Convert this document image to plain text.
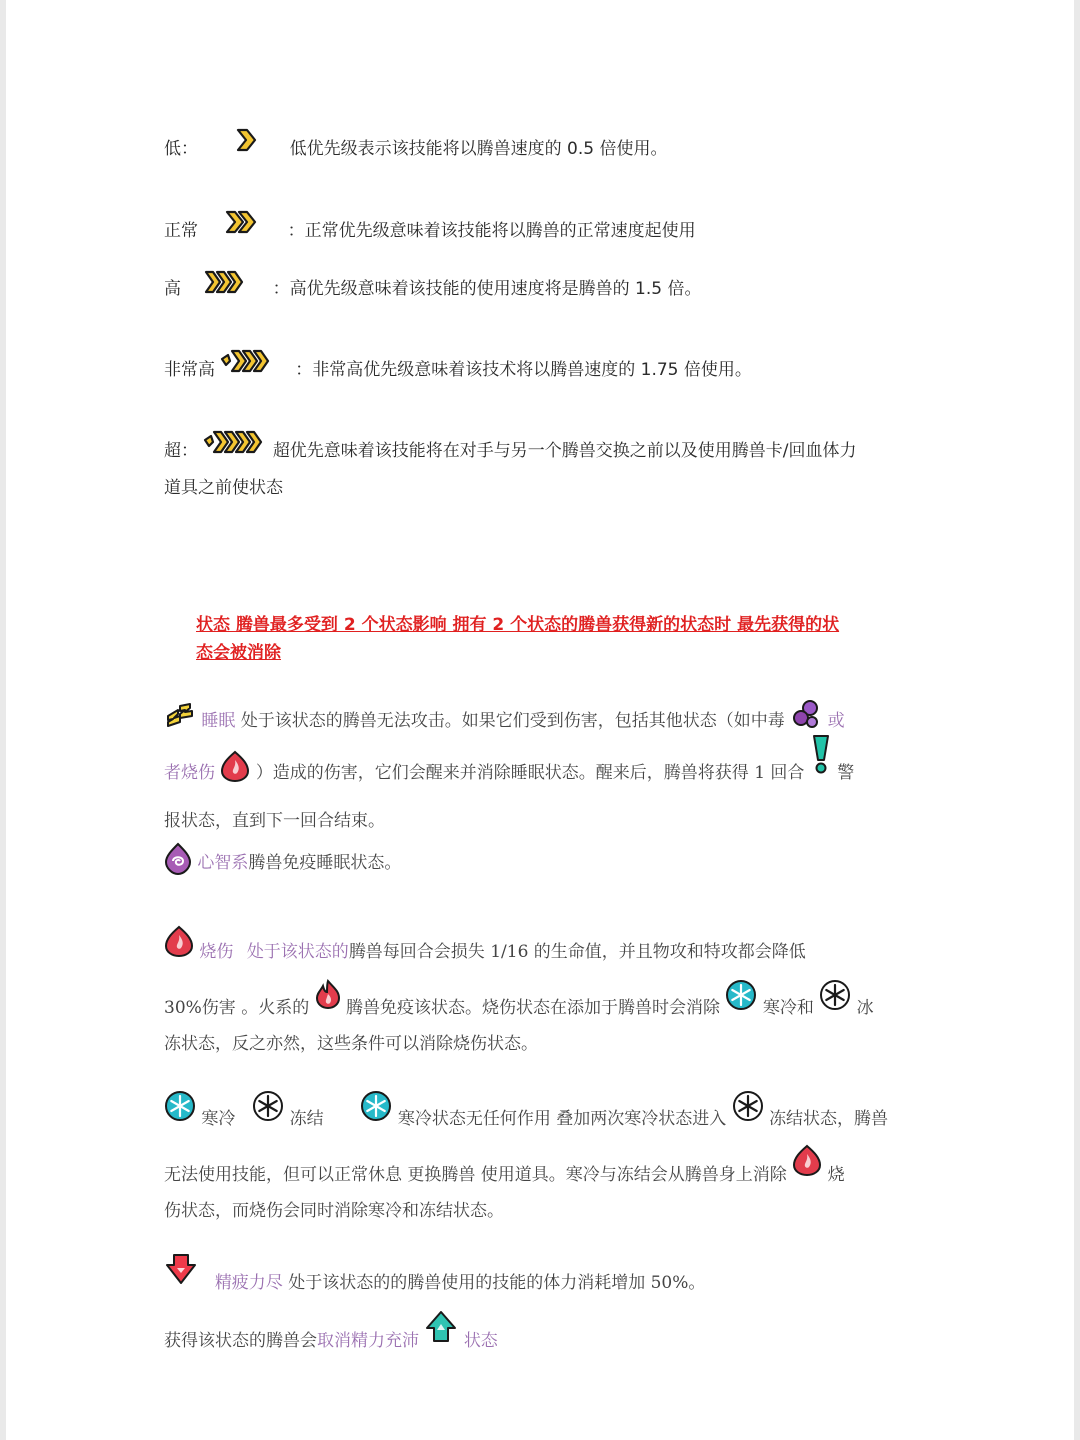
低：	低优先级表示该技能将以腾兽速度的 0.5 倍使用。
正常	：正常优先级意味着该技能将以腾兽的正常速度起使用
高	：高优先级意味着该技能的使用速度将是腾兽的 1.5 倍。
非常高	：非常高优先级意味着该技术将以腾兽速度的 1.75 倍使用。
超：	超优先意味着该技能将在对手与另一个腾兽交换之前以及使用腾兽卡/回血体力
道具之前使状态
状态 腾兽最多受到 2 个状态影响 拥有 2 个状态的腾兽获得新的状态时 最先获得的状
态会被消除
睡眠 处于该状态的腾兽无法攻击。如果它们受到伤害，包括其他状态（如中毒	或
者烧伤 ）造成的伤害，它们会醒来并消除睡眠状态。醒来后，腾兽将获得 1 回合 警
报状态，直到下一回合结束。
心智系腾兽免疫睡眠状态。
烧伤 处于该状态的腾兽每回合会损失 1/16 的生命值，并且物攻和特攻都会降低
30%伤害 。火系的 腾兽免疫该状态。烧伤状态在添加于腾兽时会消除	寒冷和	冰
冻状态，反之亦然，这些条件可以消除烧伤状态。
寒冷	冻结	寒冷状态无任何作用 叠加两次寒冷状态进入	冻结状态，腾兽
无法使用技能，但可以正常休息 更换腾兽 使用道具。寒冷与冻结会从腾兽身上消除 烧
伤状态，而烧伤会同时消除寒冷和冻结状态。
精疲力尽 处于该状态的的腾兽使用的技能的体力消耗增加 50%。
获得该状态的腾兽会取消精力充沛	状态
